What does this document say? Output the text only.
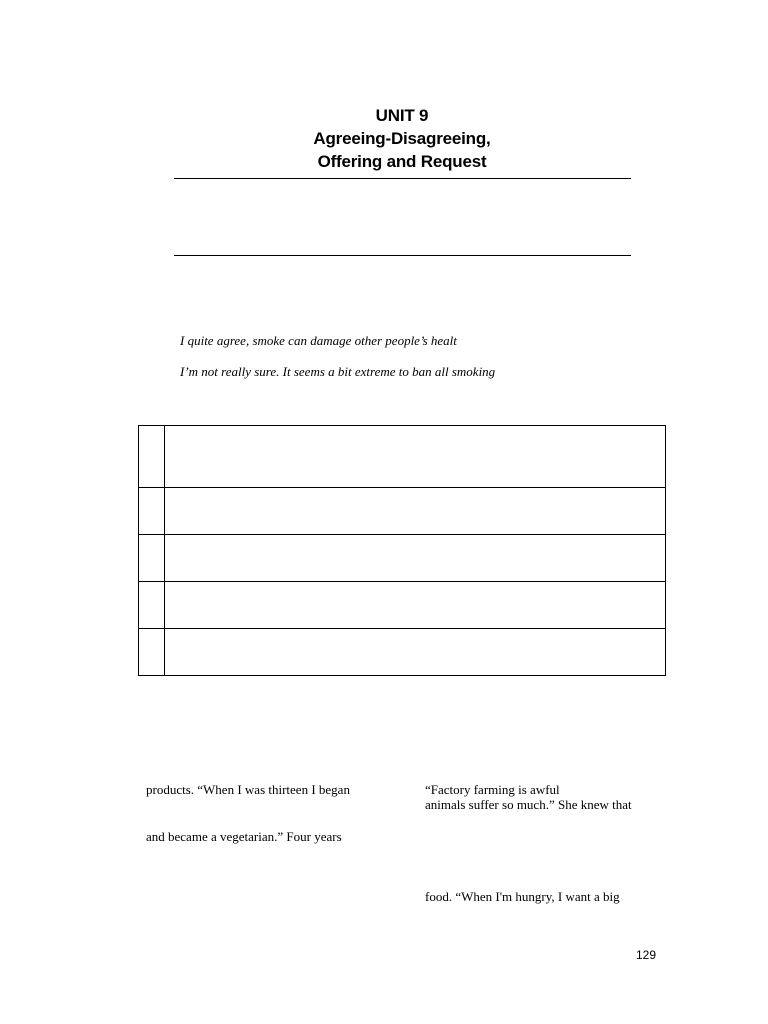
UNIT 9
Agreeing-Disagreeing,
Offering and Request
I quite agree, smoke can damage other people’s healt
I’m not really sure. It seems a bit extreme to ban all smoking

products. “When I was thirteen I began
and became a vegetarian.” Four years
“Factory farming is awful
animals suffer so much.” She knew that
food. “When I'm hungry, I want a big
129
